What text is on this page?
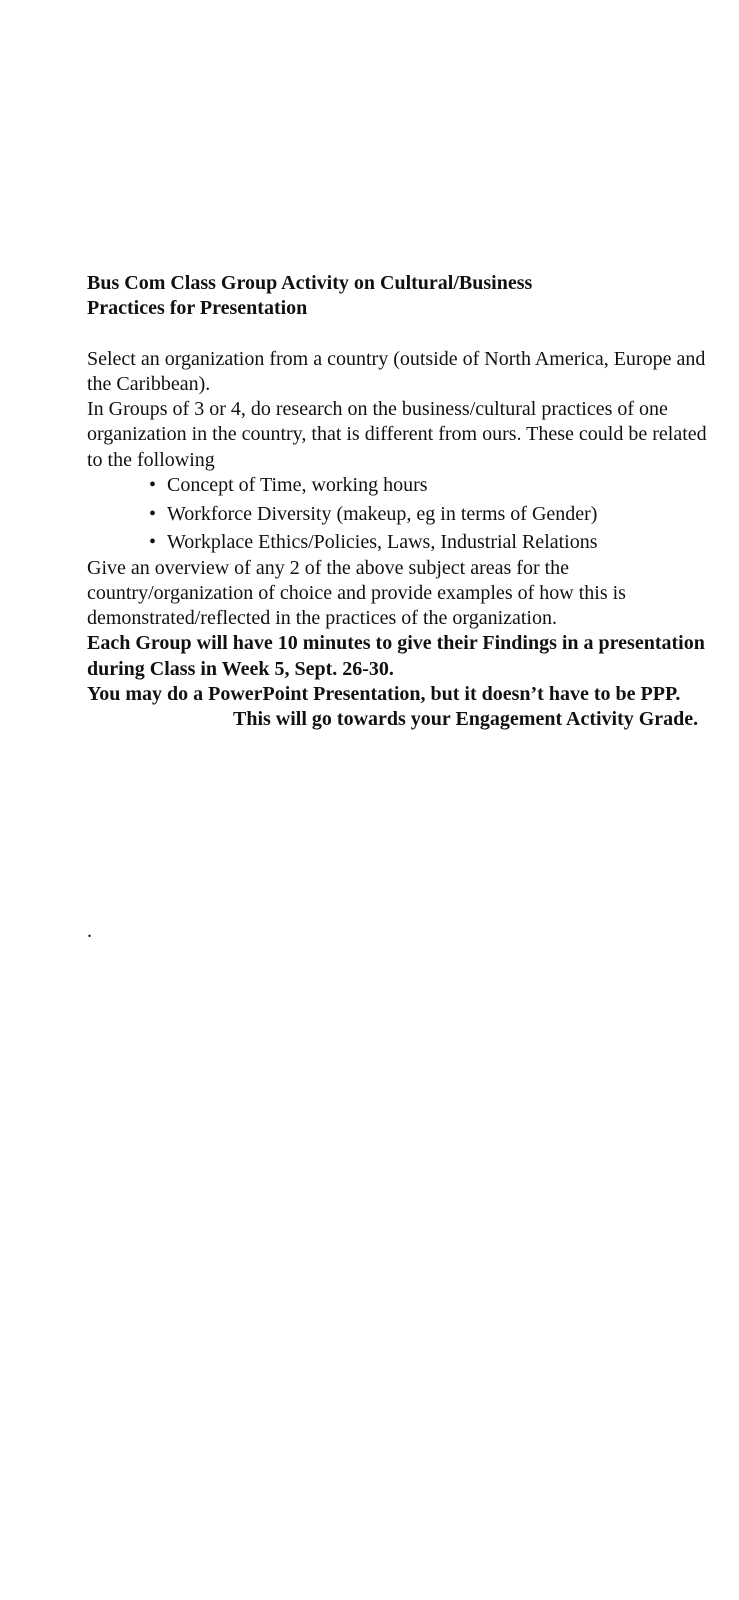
Bus Com Class Group Activity on Cultural/Business Practices for Presentation

Select an organization from a country (outside of North America, Europe and the Caribbean).

In Groups of 3 or 4, do research on the business/cultural practices of one organization in the country, that is different from ours. These could be related to the following

• Concept of Time, working hours
• Workforce Diversity (makeup, eg in terms of Gender)
• Workplace Ethics/Policies, Laws, Industrial Relations

Give an overview of any 2 of the above subject areas for the country/organization of choice and provide examples of how this is demonstrated/reflected in the practices of the organization.

Each Group will have 10 minutes to give their Findings in a presentation during Class in Week 5, Sept. 26-30.

You may do a PowerPoint Presentation, but it doesn’t have to be PPP.This will go towards your Engagement Activity Grade.

.
